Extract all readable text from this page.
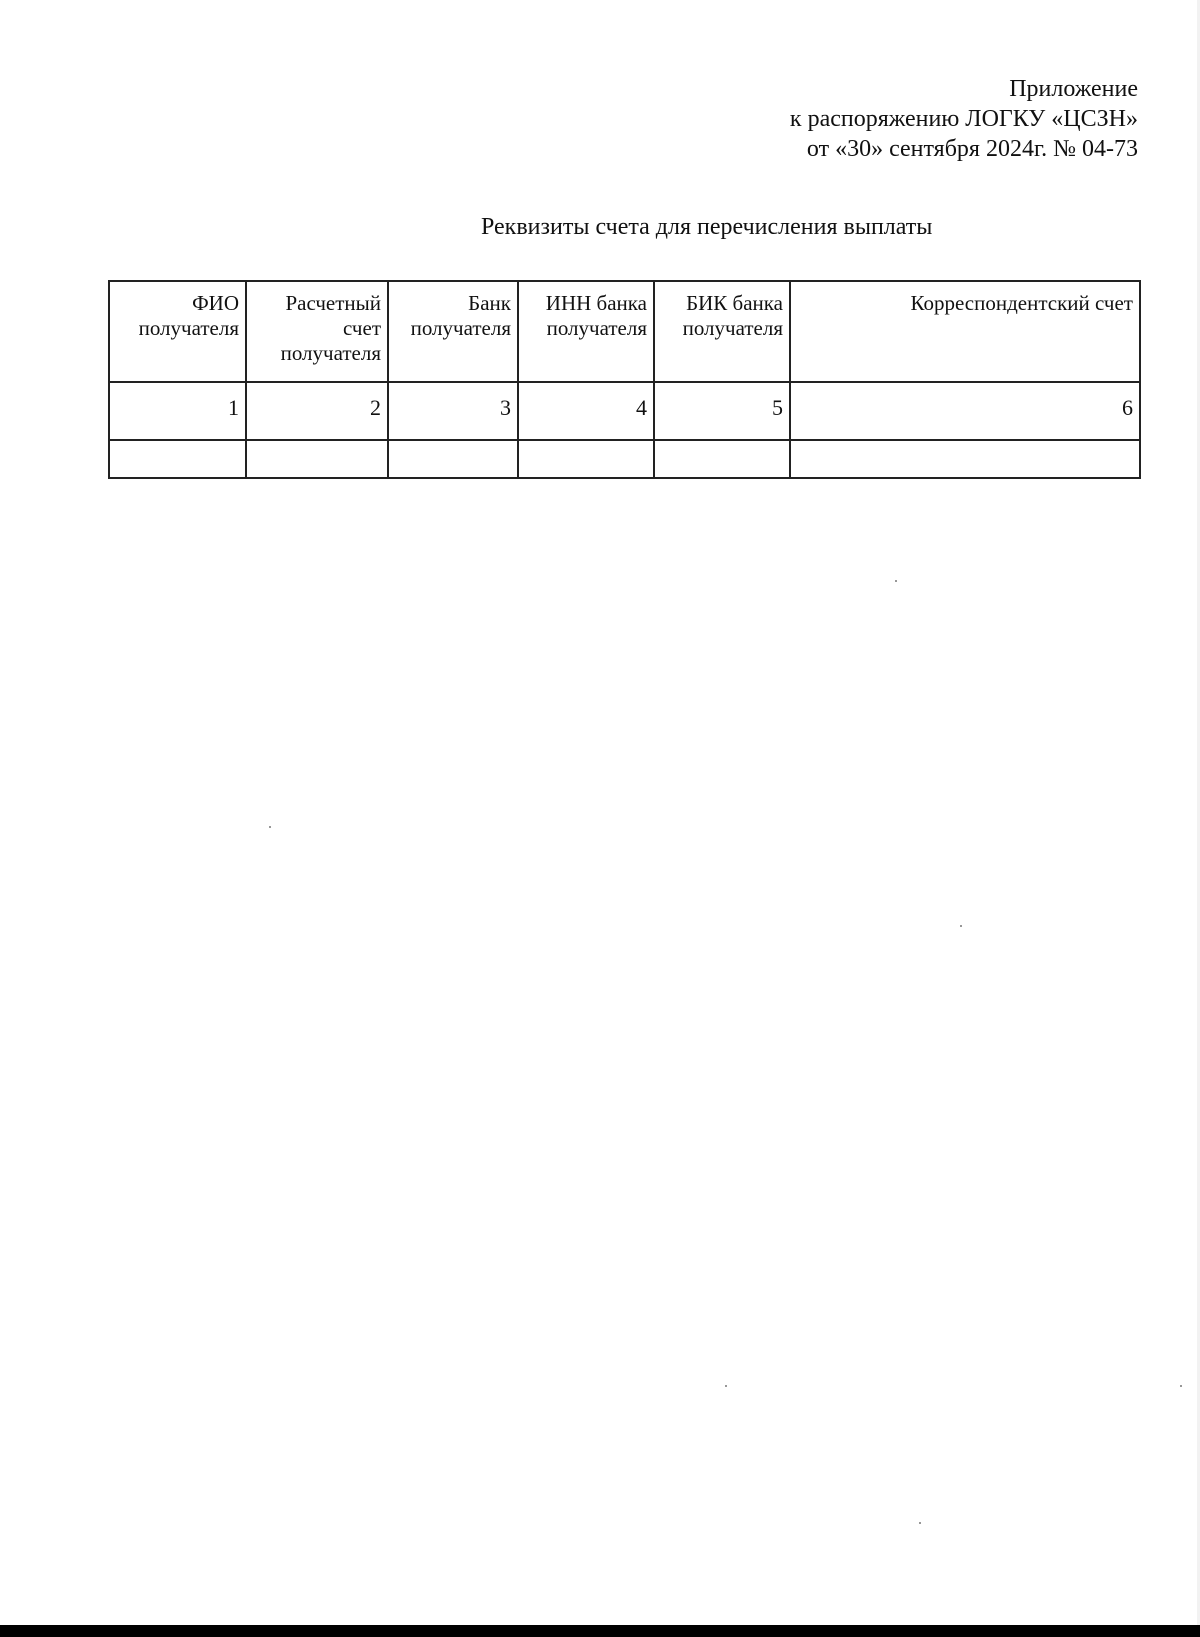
Приложение
к распоряжению ЛОГКУ «ЦСЗН»
от «30» сентября 2024г. № 04-73
Реквизиты счета для перечисления выплаты
ФИО получателя	Расчетный счет получателя	Банк получателя	ИНН банка получателя	БИК банка получателя	Корреспондентский счет
1	2	3	4	5	6
